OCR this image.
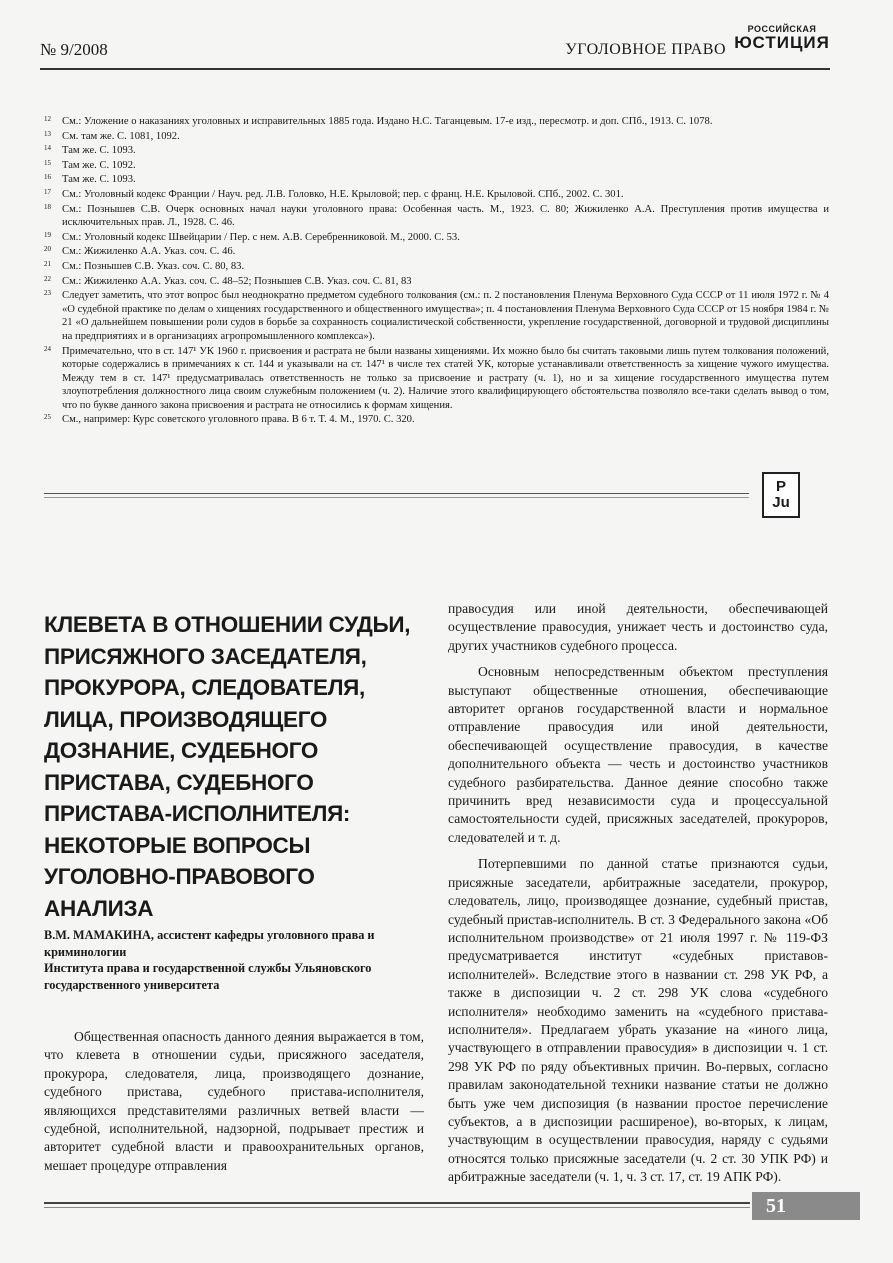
№ 9/2008	УГОЛОВНОЕ ПРАВО
РОССИЙСКАЯ
ЮСТИЦИЯ
12	См.: Уложение о наказаниях уголовных и исправительных 1885 года. Издано Н.С. Таганцевым. 17-е изд., пересмотр. и доп. СПб., 1913. С. 1078.
13	См. там же. С. 1081, 1092.
14	Там же. С. 1093.
15	Там же. С. 1092.
16	Там же. С. 1093.
17	См.: Уголовный кодекс Франции / Науч. ред. Л.В. Головко, Н.Е. Крыловой; пер. с франц. Н.Е. Крыловой. СПб., 2002. С. 301.
18	См.: Познышев С.В. Очерк основных начал науки уголовного права: Особенная часть. М., 1923. С. 80; Жижиленко А.А. Преступления против имущества и исключительных прав. Л., 1928. С. 46.
19	См.: Уголовный кодекс Швейцарии / Пер. с нем. А.В. Серебренниковой. М., 2000. С. 53.
20	См.: Жижиленко А.А. Указ. соч. С. 46.
21	См.: Познышев С.В. Указ. соч. С. 80, 83.
22	См.: Жижиленко А.А. Указ. соч. С. 48–52; Познышев С.В. Указ. соч. С. 81, 83
23	Следует заметить, что этот вопрос был неоднократно предметом судебного толкования (см.: п. 2 постановления Пленума Верховного Суда СССР от 11 июля 1972 г. № 4 «О судебной практике по делам о хищениях государственного и общественного имущества»; п. 4 постановления Пленума Верховного Суда СССР от 15 ноября 1984 г. № 21 «О дальнейшем повышении роли судов в борьбе за сохранность социалистической собственности, укрепление государственной, договорной и трудовой дисциплины на предприятиях и в организациях агропромышленного комплекса»).
24	Примечательно, что в ст. 147¹ УК 1960 г. присвоения и растрата не были названы хищениями. Их можно было бы считать таковыми лишь путем толкования положений, которые содержались в примечаниях к ст. 144 и указывали на ст. 147¹ в числе тех статей УК, которые устанавливали ответственность за хищение чужого имущества. Между тем в ст. 147¹ предусматривалась ответственность не только за присвоение и растрату (ч. 1), но и за хищение государственного имущества путем злоупотребления должностного лица своим служебным положением (ч. 2). Наличие этого квалифицирующего обстоятельства позволяло все-таки сделать вывод о том, что по букве данного закона присвоения и растрата не относились к формам хищения.
25	См., например: Курс советского уголовного права. В 6 т. Т. 4. М., 1970. С. 320.
P
Ju
КЛЕВЕТА В ОТНОШЕНИИ СУДЬИ, ПРИСЯЖНОГО ЗАСЕДАТЕЛЯ, ПРОКУРОРА, СЛЕДОВАТЕЛЯ, ЛИЦА, ПРОИЗВОДЯЩЕГО ДОЗНАНИЕ, СУДЕБНОГО ПРИСТАВА, СУДЕБНОГО ПРИСТАВА-ИСПОЛНИТЕЛЯ: НЕКОТОРЫЕ ВОПРОСЫ УГОЛОВНО-ПРАВОВОГО АНАЛИЗА
В.М. МАМАКИНА, ассистент кафедры уголовного права и криминологии
Института права и государственной службы Ульяновского государственного университета

Общественная опасность данного деяния выражается в том, что клевета в отношении судьи, присяжного заседателя, прокурора, следователя, лица, производящего дознание, судебного пристава, судебного пристава-исполнителя, являющихся представителями различных ветвей власти — судебной, исполнительной, надзорной, подрывает престиж и авторитет судебной власти и правоохранительных органов, мешает процедуре отправления

правосудия или иной деятельности, обеспечивающей осуществление правосудия, унижает честь и достоинство суда, других участников судебного процесса.

Основным непосредственным объектом преступления выступают общественные отношения, обеспечивающие авторитет органов государственной власти и нормальное отправление правосудия или иной деятельности, обеспечивающей осуществление правосудия, в качестве дополнительного объекта — честь и достоинство участников судебного разбирательства. Данное деяние способно также причинить вред независимости суда и процессуальной самостоятельности судей, присяжных заседателей, прокуроров, следователей и т. д.

Потерпевшими по данной статье признаются судьи, присяжные заседатели, арбитражные заседатели, прокурор, следователь, лицо, производящее дознание, судебный пристав, судебный пристав-исполнитель. В ст. 3 Федерального закона «Об исполнительном производстве» от 21 июля 1997 г. № 119-ФЗ предусматривается институт «судебных приставов-исполнителей». Вследствие этого в названии ст. 298 УК РФ, а также в диспозиции ч. 2 ст. 298 УК слова «судебного исполнителя» необходимо заменить на «судебного пристава-исполнителя». Предлагаем убрать указание на «иного лица, участвующего в отправлении правосудия» в диспозиции ч. 1 ст. 298 УК РФ по ряду объективных причин. Во-первых, согласно правилам законодательной техники название статьи не должно быть уже чем диспозиция (в названии простое перечисление субъектов, а в диспозиции расширеное), во-вторых, к лицам, участвующим в осуществлении правосудия, наряду с судьями относятся только присяжные заседатели (ч. 2 ст. 30 УПК РФ) и арбитражные заседатели (ч. 1, ч. 3 ст. 17, ст. 19 АПК РФ).

51
